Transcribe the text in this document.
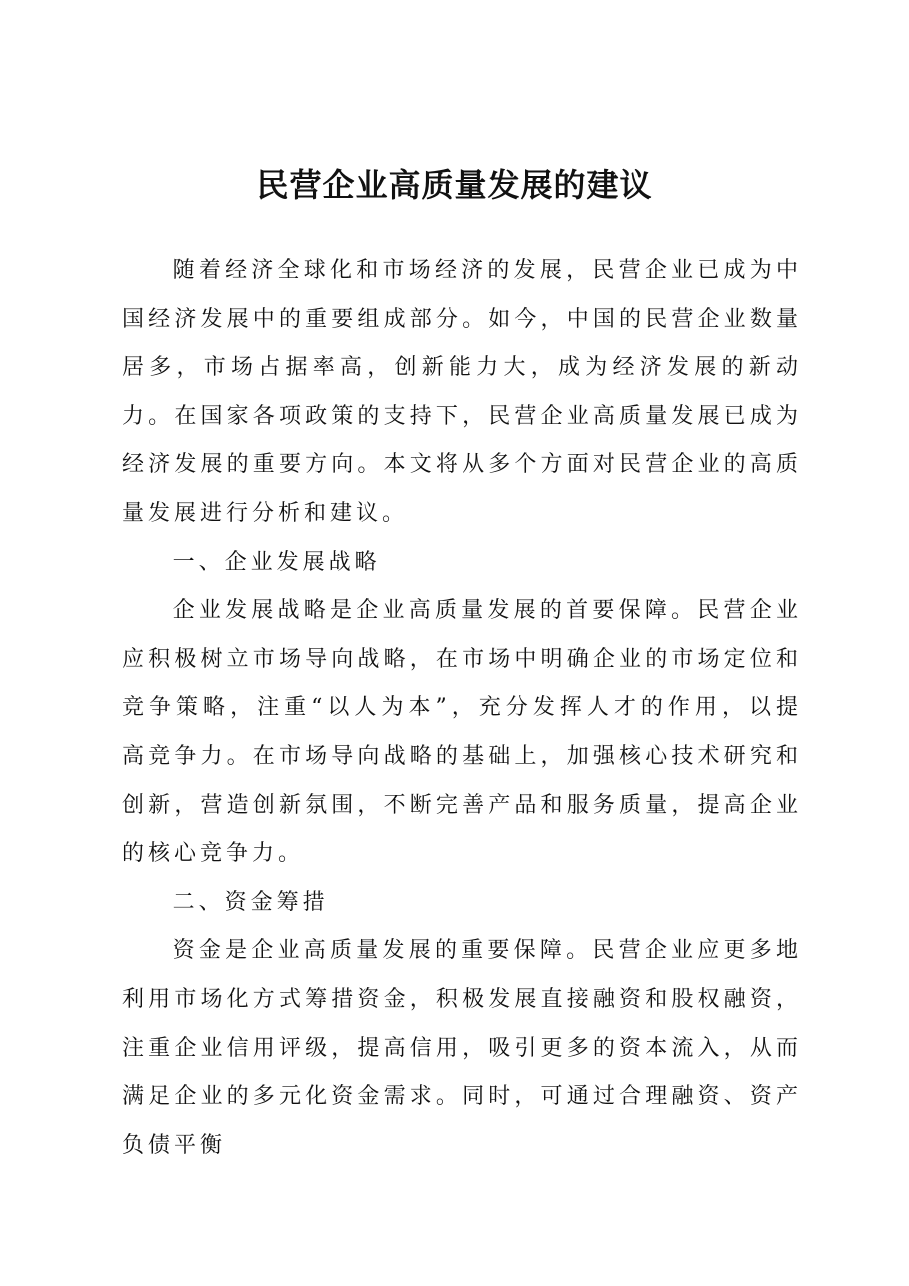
民营企业高质量发展的建议

随着经济全球化和市场经济的发展，民营企业已成为中国经济发展中的重要组成部分。如今，中国的民营企业数量居多，市场占据率高，创新能力大，成为经济发展的新动力。在国家各项政策的支持下，民营企业高质量发展已成为经济发展的重要方向。本文将从多个方面对民营企业的高质量发展进行分析和建议。

一、企业发展战略

企业发展战略是企业高质量发展的首要保障。民营企业应积极树立市场导向战略，在市场中明确企业的市场定位和竞争策略，注重“以人为本”，充分发挥人才的作用，以提高竞争力。在市场导向战略的基础上，加强核心技术研究和创新，营造创新氛围，不断完善产品和服务质量，提高企业的核心竞争力。

二、资金筹措

资金是企业高质量发展的重要保障。民营企业应更多地利用市场化方式筹措资金，积极发展直接融资和股权融资，注重企业信用评级，提高信用，吸引更多的资本流入，从而满足企业的多元化资金需求。同时，可通过合理融资、资产负债平衡
